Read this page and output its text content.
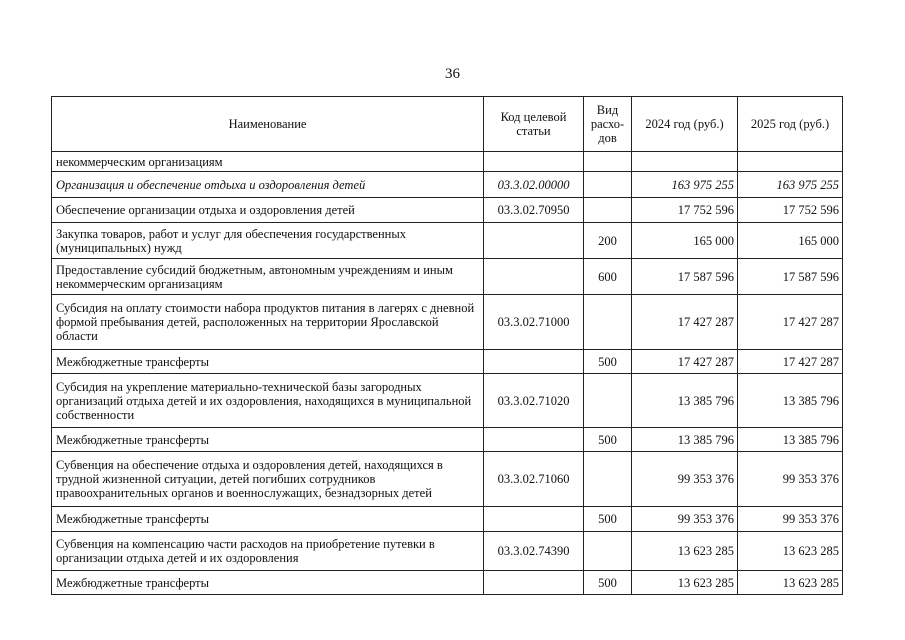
36
Наименование	Код целевой статьи	Вид расхо-дов	2024 год (руб.)	2025 год (руб.)
некоммерческим организациям				
Организация и обеспечение отдыха и оздоровления детей	03.3.02.00000		163 975 255	163 975 255
Обеспечение организации отдыха и оздоровления детей	03.3.02.70950		17 752 596	17 752 596
Закупка товаров, работ и услуг для обеспечения государственных (муниципальных) нужд		200	165 000	165 000
Предоставление субсидий бюджетным, автономным учреждениям и иным некоммерческим организациям		600	17 587 596	17 587 596
Субсидия на оплату стоимости набора продуктов питания в лагерях с дневной формой пребывания детей, расположенных на территории Ярославской области	03.3.02.71000		17 427 287	17 427 287
Межбюджетные трансферты		500	17 427 287	17 427 287
Субсидия на укрепление материально-технической базы загородных организаций отдыха детей и их оздоровления, находящихся в муниципальной собственности	03.3.02.71020		13 385 796	13 385 796
Межбюджетные трансферты		500	13 385 796	13 385 796
Субвенция на обеспечение отдыха и оздоровления детей, находящихся в трудной жизненной ситуации, детей погибших сотрудников правоохранительных органов и военнослужащих, безнадзорных детей	03.3.02.71060		99 353 376	99 353 376
Межбюджетные трансферты		500	99 353 376	99 353 376
Субвенция на компенсацию части расходов на приобретение путевки в организации отдыха детей и их оздоровления	03.3.02.74390		13 623 285	13 623 285
Межбюджетные трансферты		500	13 623 285	13 623 285
